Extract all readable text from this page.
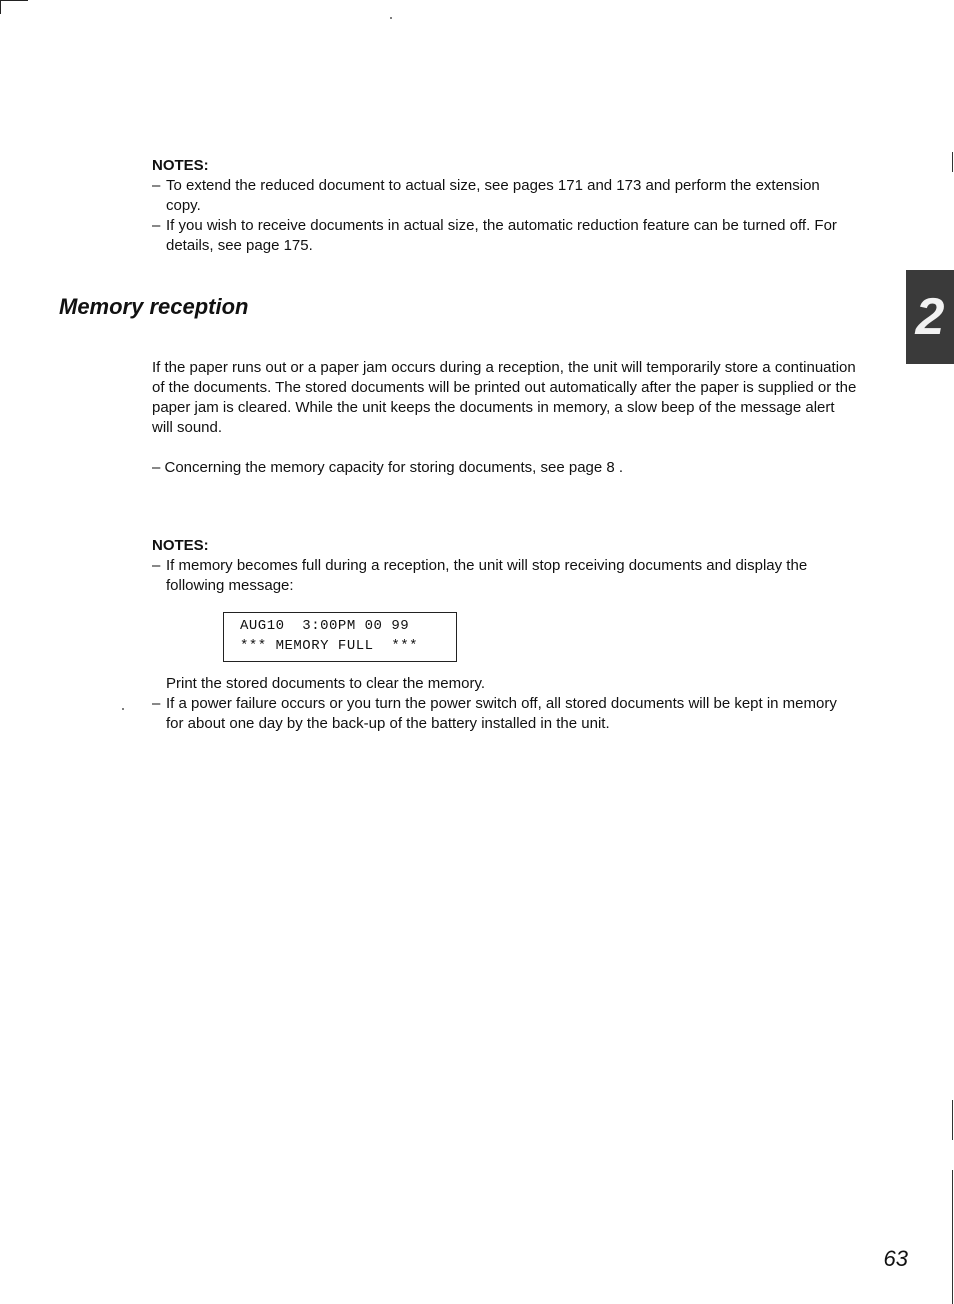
NOTES:
– To extend the reduced document to actual size, see pages 171 and 173 and perform the extension copy.
– If you wish to receive documents in actual size, the automatic reduction feature can be turned off. For details, see page 175.
Memory reception	2
If the paper runs out or a paper jam occurs during a reception, the unit will temporarily store a continuation of the documents. The stored documents will be printed out automatically after the paper is supplied or the paper jam is cleared. While the unit keeps the documents in memory, a slow beep of the message alert will sound.
– Concerning the memory capacity for storing documents, see page 8 .
NOTES:
– If memory becomes full during a reception, the unit will stop receiving documents and display the following message:
AUG10  3:00PM 00 99
*** MEMORY FULL  ***
Print the stored documents to clear the memory.
– If a power failure occurs or you turn the power switch off, all stored documents will be kept in memory for about one day by the back-up of the battery installed in the unit.
63
